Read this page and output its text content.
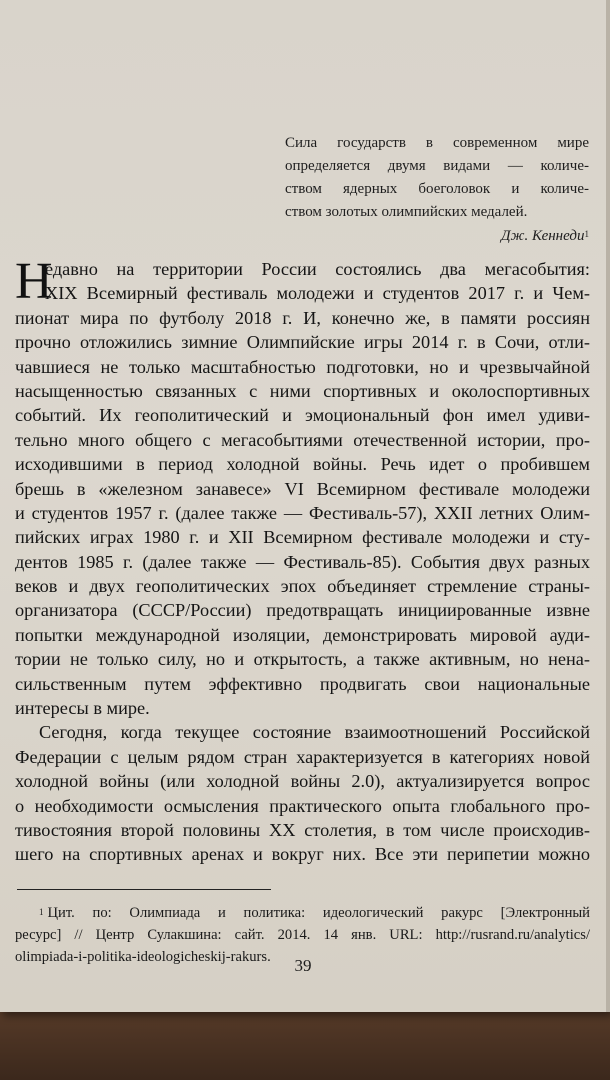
Сила государств в современном мире
определяется двумя видами — количе-
ством ядерных боеголовок и количе-
ством золотых олимпийских медалей.
Дж. Кеннеди$^1$
Н
едавно на территории России состоялись два мегасобытия:
XIX Всемирный фестиваль молодежи и студентов 2017 г. и Чем-
пионат мира по футболу 2018 г. И, конечно же, в памяти россиян
прочно отложились зимние Олимпийские игры 2014 г. в Сочи, отли-
чавшиеся не только масштабностью подготовки, но и чрезвычайной
насыщенностью связанных с ними спортивных и околоспортивных
событий. Их геополитический и эмоциональный фон имел удиви-
тельно много общего с мегасобытиями отечественной истории, про-
исходившими в период холодной войны. Речь идет о пробившем
брешь в «железном занавесе» VI Всемирном фестивале молодежи
и студентов 1957 г. (далее также — Фестиваль-57), XXII летних Олим-
пийских играх 1980 г. и XII Всемирном фестивале молодежи и сту-
дентов 1985 г. (далее также — Фестиваль-85). События двух разных
веков и двух геополитических эпох объединяет стремление страны-
организатора (СССР/России) предотвращать инициированные извне
попытки международной изоляции, демонстрировать мировой ауди-
тории не только силу, но и открытость, а также активным, но нена-
сильственным путем эффективно продвигать свои национальные
интересы в мире.
Сегодня, когда текущее состояние взаимоотношений Российской
Федерации с целым рядом стран характеризуется в категориях новой
холодной войны (или холодной войны 2.0), актуализируется вопрос
о необходимости осмысления практического опыта глобального про-
тивостояния второй половины XX столетия, в том числе происходив-
шего на спортивных аренах и вокруг них. Все эти перипетии можно
$^1$ Цит. по: Олимпиада и политика: идеологический ракурс [Электронный
ресурс] // Центр Сулакшина: сайт. 2014. 14 янв. URL: http://rusrand.ru/analytics/
olimpiada-i-politika-ideologicheskij-rakurs.	39
